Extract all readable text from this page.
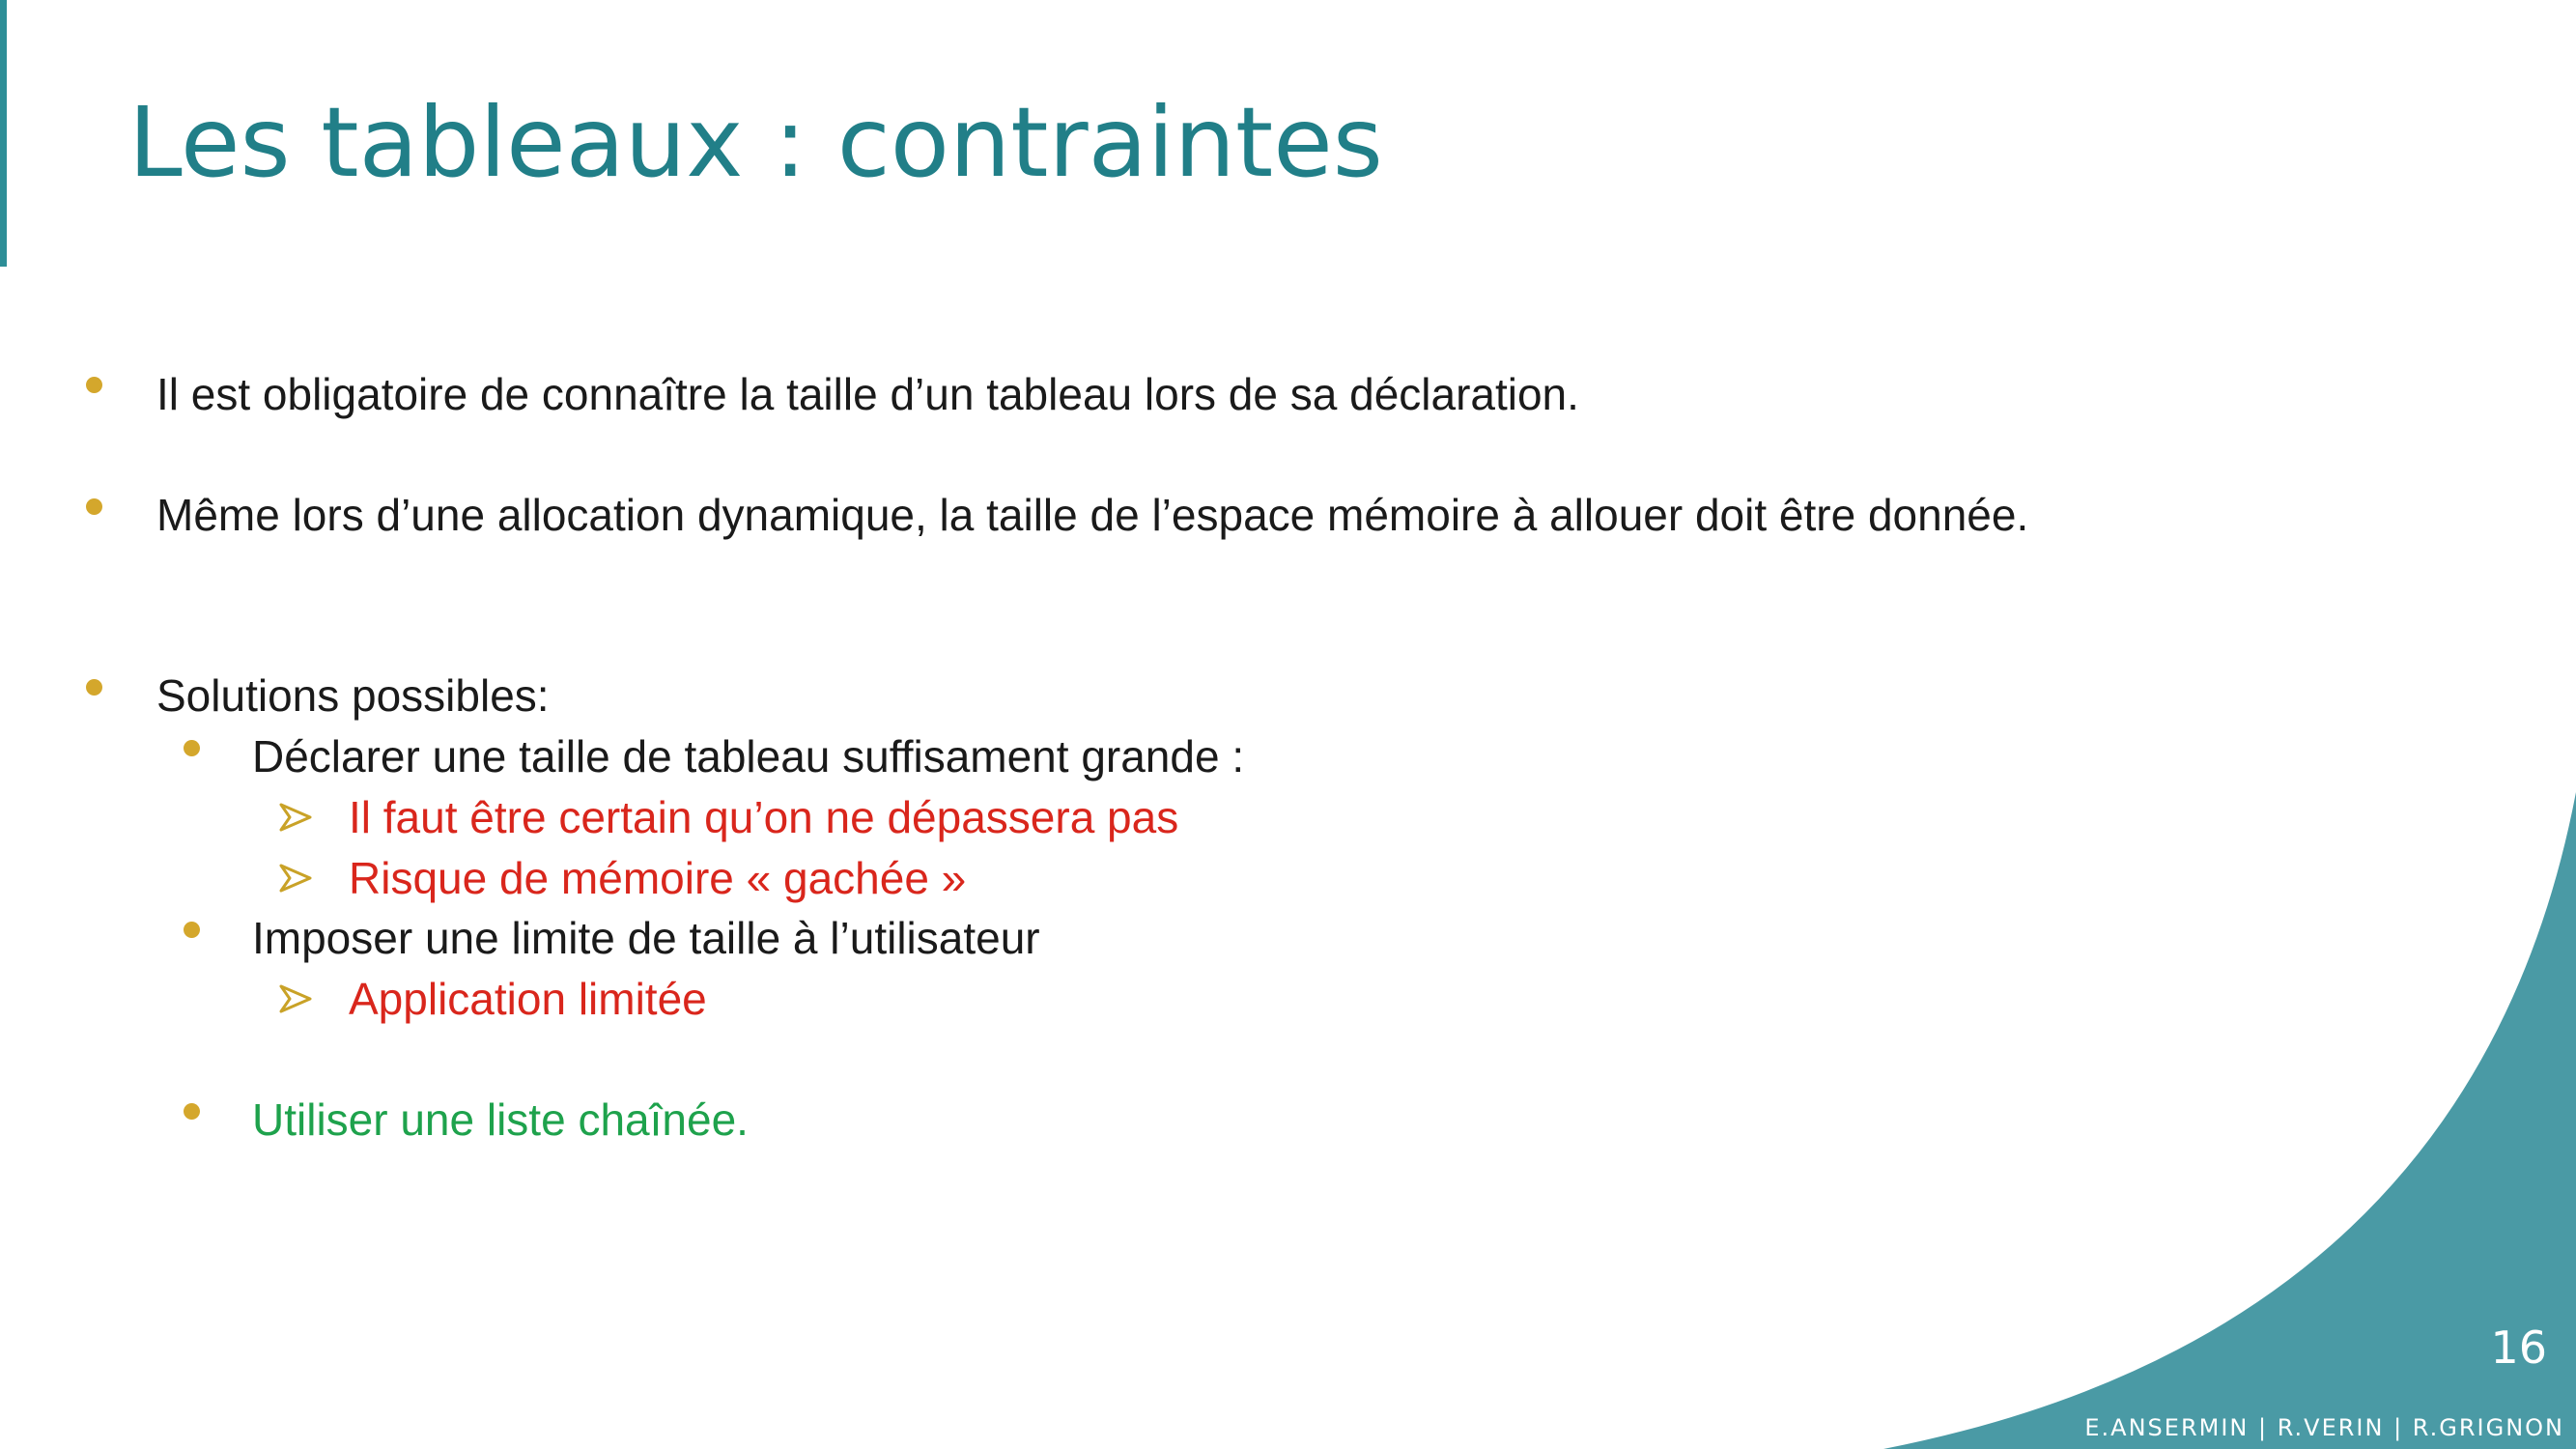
Les tableaux : contraintes
Il est obligatoire de connaître la taille d’un tableau lors de sa déclaration.
Même lors d’une allocation dynamique, la taille de l’espace mémoire à allouer doit être donnée.
Solutions possibles:
Déclarer une taille de tableau suffisament grande :
Il faut être certain qu’on ne dépassera pas
Risque de mémoire « gachée »
Imposer une limite de taille à l’utilisateur
Application limitée
Utiliser une liste chaînée.
16
E.ANSERMIN | R.VERIN | R.GRIGNON
